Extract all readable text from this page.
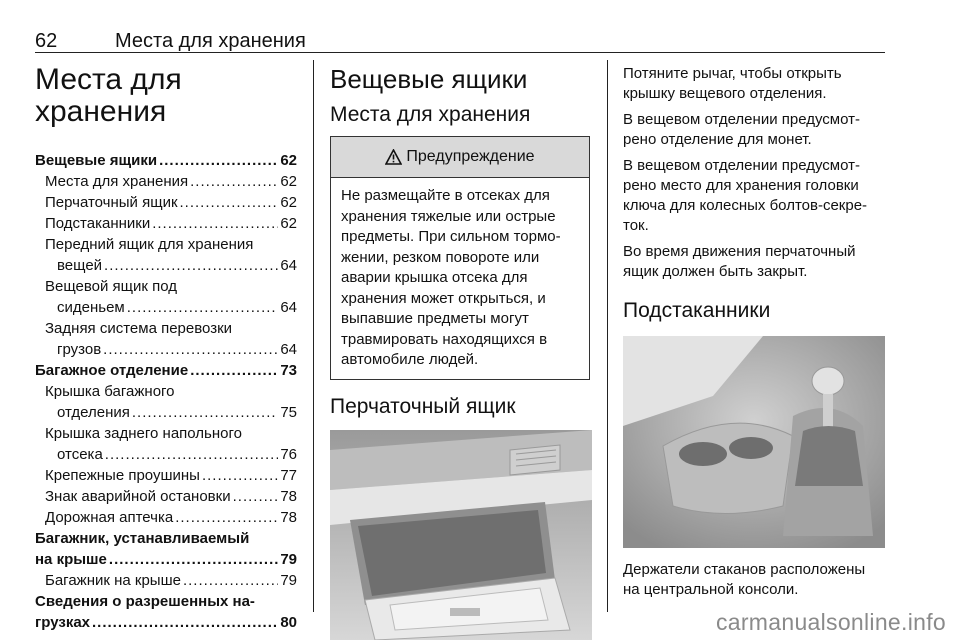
62	Места для хранения
Места для
хранения
Вещевые ящики .....	62
Места для хранения .....	62
Перчаточный ящик .....	62
Подстаканники .....	62
Передний ящик для хранения
вещей .....	64
Вещевой ящик под
сиденьем .....	64
Задняя система перевозки
грузов .....	64
Багажное отделение .....	73
Крышка багажного
отделения .....	75
Крышка заднего напольного
отсека .....	76
Крепежные проушины .....	77
Знак аварийной остановки .....	78
Дорожная аптечка .....	78
Багажник, устанавливаемый
на крыше .....	79
Багажник на крыше .....	79
Сведения о разрешенных на-
грузках .....	80
Вещевые ящики
Места для хранения
Предупреждение
Не размещайте в отсеках для хранения тяжелые или острые предметы. При сильном тормо- жении, резком повороте или аварии крышка отсека для хранения может открыться, и выпавшие предметы могут травмировать находящихся в автомобиле людей.
Перчаточный ящик

Потяните рычаг, чтобы открыть крышку вещевого отделения.

В вещевом отделении предусмот- рено отделение для монет.

В вещевом отделении предусмот- рено место для хранения головки ключа для колесных болтов-секре- ток.

Во время движения перчаточный ящик должен быть закрыт.

Подстаканники

Держатели стаканов расположены на центральной консоли.

carmanualsonline.info
